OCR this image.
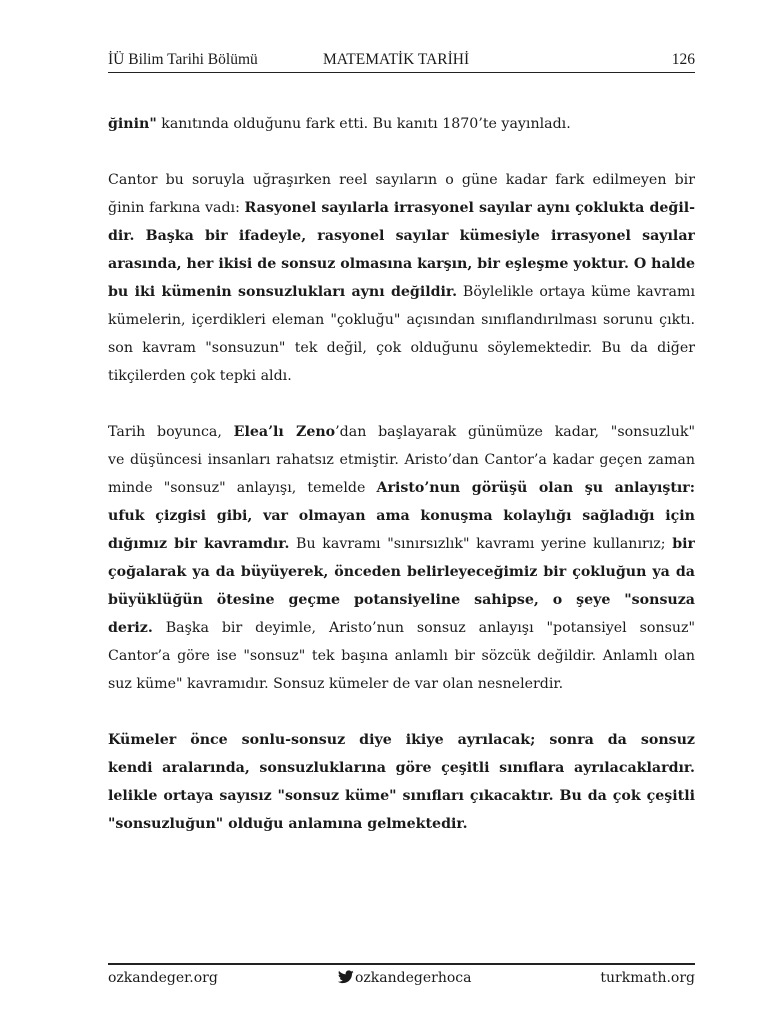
İÜ Bilim Tarihi Bölümü	MATEMATİK TARİHİ	126

ğinin" kanıtında olduğunu fark etti. Bu kanıtı 1870’te yayınladı.

Cantor bu soruyla uğraşırken reel sayıların o güne kadar fark edilmeyen bir
ğinin farkına vadı: Rasyonel sayılarla irrasyonel sayılar aynı çoklukta değil-
dir. Başka bir ifadeyle, rasyonel sayılar kümesiyle irrasyonel sayılar
arasında, her ikisi de sonsuz olmasına karşın, bir eşleşme yoktur. O halde
bu iki kümenin sonsuzlukları aynı değildir. Böylelikle ortaya küme kavramı
kümelerin, içerdikleri eleman "çokluğu" açısından sınıflandırılması sorunu çıktı.
son kavram "sonsuzun" tek değil, çok olduğunu söylemektedir. Bu da diğer
tikçilerden çok tepki aldı.

Tarih boyunca, Elea’lı Zeno’dan başlayarak günümüze kadar, "sonsuzluk"
ve düşüncesi insanları rahatsız etmiştir. Aristo’dan Cantor’a kadar geçen zaman
minde "sonsuz" anlayışı, temelde Aristo’nun görüşü olan şu anlayıştır:
ufuk çizgisi gibi, var olmayan ama konuşma kolaylığı sağladığı için
dığımız bir kavramdır. Bu kavramı "sınırsızlık" kavramı yerine kullanırız; bir
çoğalarak ya da büyüyerek, önceden belirleyeceğimiz bir çokluğun ya da
büyüklüğün ötesine geçme potansiyeline sahipse, o şeye "sonsuza
deriz. Başka bir deyimle, Aristo’nun sonsuz anlayışı "potansiyel sonsuz"
Cantor’a göre ise "sonsuz" tek başına anlamlı bir sözcük değildir. Anlamlı olan
suz küme" kavramıdır. Sonsuz kümeler de var olan nesnelerdir.

Kümeler önce sonlu-sonsuz diye ikiye ayrılacak; sonra da sonsuz
kendi aralarında, sonsuzluklarına göre çeşitli sınıflara ayrılacaklardır.
lelikle ortaya sayısız "sonsuz küme" sınıfları çıkacaktır. Bu da çok çeşitli
"sonsuzluğun" olduğu anlamına gelmektedir.

ozkandeger.org	ozkandegerhoca	turkmath.org
